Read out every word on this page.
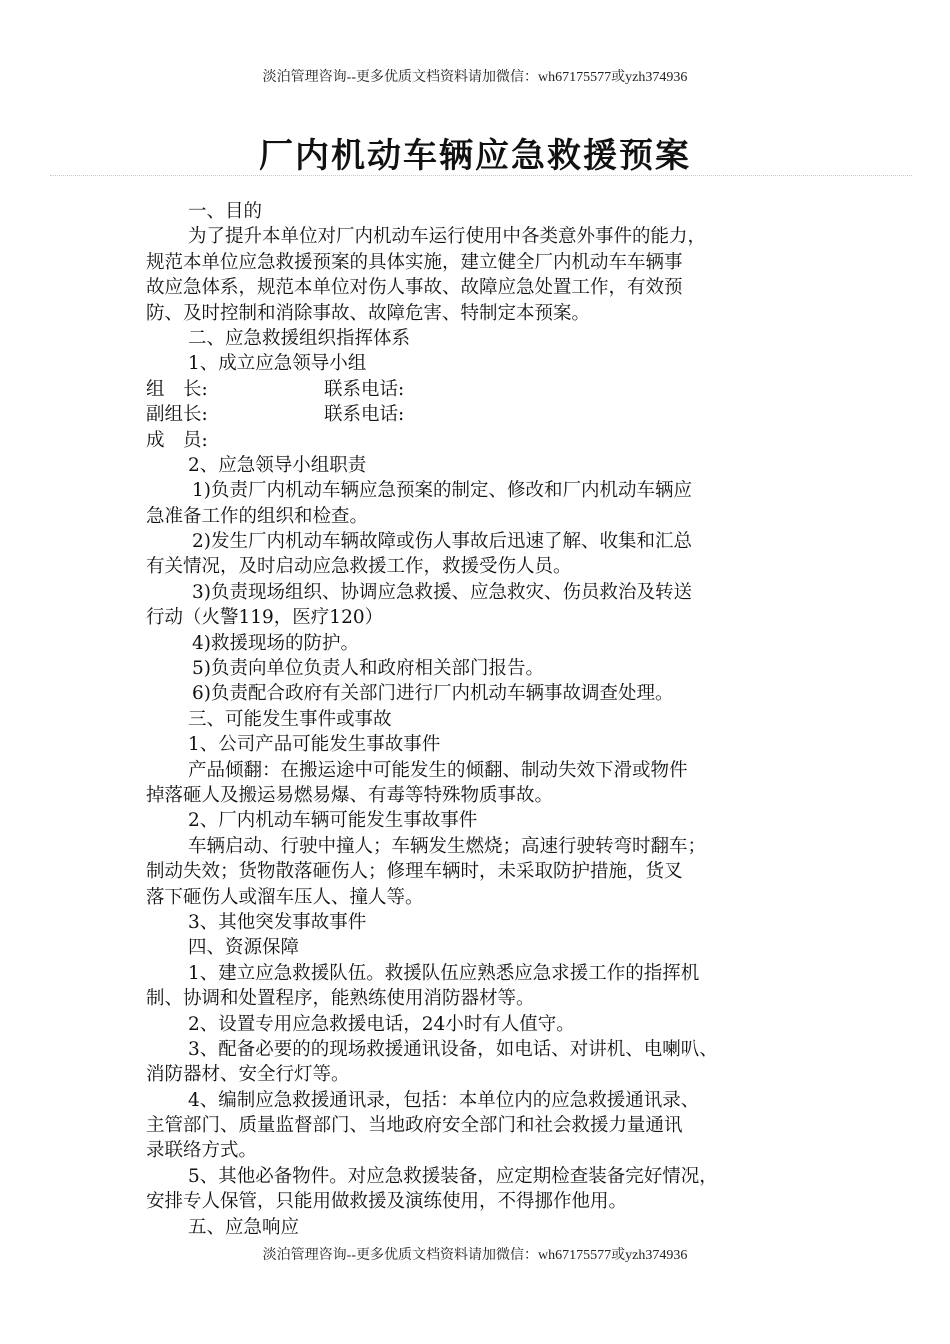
淡泊管理咨询--更多优质文档资料请加微信：wh67175577或yzh374936
厂内机动车辆应急救援预案
一、目的
为了提升本单位对厂内机动车运行使用中各类意外事件的能力，
规范本单位应急救援预案的具体实施，建立健全厂内机动车车辆事
故应急体系，规范本单位对伤人事故、故障应急处置工作，有效预
防、及时控制和消除事故、故障危害、特制定本预案。
二、应急救援组织指挥体系
1、成立应急领导小组
组　长:	联系电话:
副组长:	联系电话:
成　员:
2、应急领导小组职责
1)负责厂内机动车辆应急预案的制定、修改和厂内机动车辆应
急准备工作的组织和检查。
2)发生厂内机动车辆故障或伤人事故后迅速了解、收集和汇总
有关情况，及时启动应急救援工作，救援受伤人员。
3)负责现场组织、协调应急救援、应急救灾、伤员救治及转送
行动（火警119，医疗120）
4)救援现场的防护。
5)负责向单位负责人和政府相关部门报告。
6)负责配合政府有关部门进行厂内机动车辆事故调查处理。
三、可能发生事件或事故
1、公司产品可能发生事故事件
产品倾翻：在搬运途中可能发生的倾翻、制动失效下滑或物件
掉落砸人及搬运易燃易爆、有毒等特殊物质事故。
2、厂内机动车辆可能发生事故事件
车辆启动、行驶中撞人；车辆发生燃烧；高速行驶转弯时翻车；
制动失效；货物散落砸伤人；修理车辆时，未采取防护措施，货叉
落下砸伤人或溜车压人、撞人等。
3、其他突发事故事件
四、资源保障
1、建立应急救援队伍。救援队伍应熟悉应急求援工作的指挥机
制、协调和处置程序，能熟练使用消防器材等。
2、设置专用应急救援电话，24小时有人值守。
3、配备必要的的现场救援通讯设备，如电话、对讲机、电喇叭、
消防器材、安全行灯等。
4、编制应急救援通讯录，包括：本单位内的应急救援通讯录、
主管部门、质量监督部门、当地政府安全部门和社会救援力量通讯
录联络方式。
5、其他必备物件。对应急救援装备，应定期检查装备完好情况，
安排专人保管，只能用做救援及演练使用，不得挪作他用。
五、应急响应
淡泊管理咨询--更多优质文档资料请加微信：wh67175577或yzh374936
